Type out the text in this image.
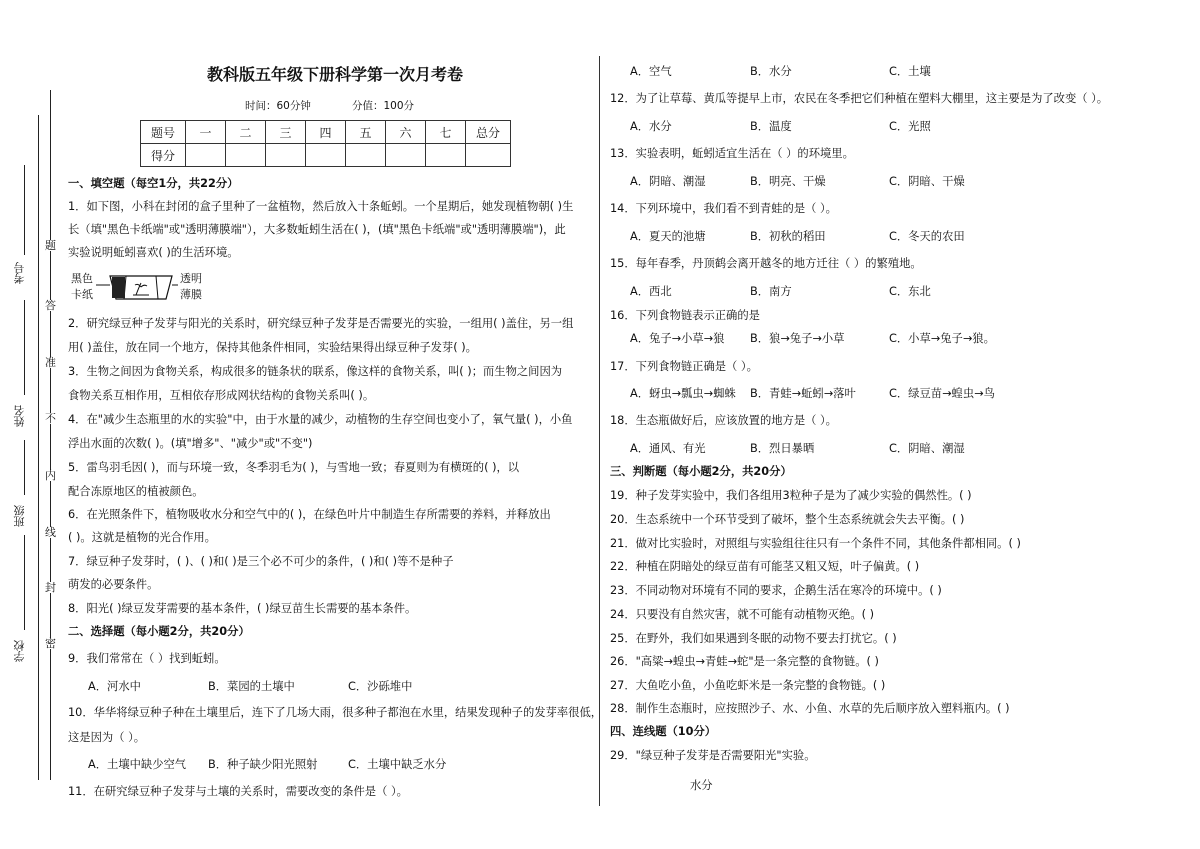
考号
姓名
班级
学校
题
答
准
不
内
线
封
密
教科版五年级下册科学第一次月考卷
时间：60分钟	分值：100分
题号	一	二	三	四	五	六	七	总分
得分								
一、填空题（每空1分，共22分）
1．如下图，小科在封闭的盒子里种了一盆植物，然后放入十条蚯蚓。一个星期后，她发现植物朝( )生
长（填"黑色卡纸端"或"透明薄膜端"），大多数蚯蚓生活在( )，(填"黑色卡纸端"或"透明薄膜端")，此
实验说明蚯蚓喜欢( )的生活环境。
黑色
卡纸
透明
薄膜
2．研究绿豆种子发芽与阳光的关系时，研究绿豆种子发芽是否需要光的实验，一组用( )盖住，另一组
用( )盖住，放在同一个地方，保持其他条件相同，实验结果得出绿豆种子发芽( )。
3．生物之间因为食物关系，构成很多的链条状的联系，像这样的食物关系，叫( )；而生物之间因为
食物关系互相作用，互相依存形成网状结构的食物关系叫( )。
4．在"减少生态瓶里的水的实验"中，由于水量的减少，动植物的生存空间也变小了，氧气量( )，小鱼
浮出水面的次数( )。(填"增多"、"减少"或"不变")
5．雷鸟羽毛因( )，而与环境一致，冬季羽毛为( )，与雪地一致；春夏则为有横斑的( )，以
配合冻原地区的植被颜色。
6．在光照条件下，植物吸收水分和空气中的( )，在绿色叶片中制造生存所需要的养料，并释放出
( )。这就是植物的光合作用。
7．绿豆种子发芽时，( )、( )和( )是三个必不可少的条件，( )和( )等不是种子
萌发的必要条件。
8．阳光( )绿豆发芽需要的基本条件，( )绿豆苗生长需要的基本条件。
二、选择题（每小题2分，共20分）
9．我们常常在（ ）找到蚯蚓。
A．河水中	B．菜园的土壤中	C．沙砾堆中
10．华华将绿豆种子种在土壤里后，连下了几场大雨，很多种子都泡在水里，结果发现种子的发芽率很低，
这是因为（ ）。
A．土壤中缺少空气 B．种子缺少阳光照射	C．土壤中缺乏水分
11．在研究绿豆种子发芽与土壤的关系时，需要改变的条件是（ ）。
A．空气	B．水分	C．土壤
12．为了让草莓、黄瓜等提早上市，农民在冬季把它们种植在塑料大棚里，这主要是为了改变（ ）。
A．水分	B．温度	C．光照
13．实验表明，蚯蚓适宜生活在（ ）的环境里。
A．阴暗、潮湿	B．明亮、干燥	C．阴暗、干燥
14．下列环境中，我们看不到青蛙的是（ ）。
A．夏天的池塘	B．初秋的稻田	C．冬天的农田
15．每年春季，丹顶鹤会离开越冬的地方迁往（ ）的繁殖地。
A．西北	B．南方	C．东北
16．下列食物链表示正确的是
A．兔子→小草→狼 B．狼→兔子→小草	C．小草→兔子→狼。
17．下列食物链正确是（ ）。
A．蚜虫→瓢虫→蜘蛛 B．青蛙→蚯蚓→落叶	C．绿豆苗→蝗虫→鸟
18．生态瓶做好后，应该放置的地方是（ ）。
A．通风、有光	B．烈日暴晒	C．阴暗、潮湿
三、判断题（每小题2分，共20分）
19．种子发芽实验中，我们各组用3粒种子是为了减少实验的偶然性。( )
20．生态系统中一个环节受到了破坏，整个生态系统就会失去平衡。( )
21．做对比实验时，对照组与实验组往往只有一个条件不同，其他条件都相同。( )
22．种植在阴暗处的绿豆苗有可能茎又粗又短，叶子偏黄。( )
23．不同动物对环境有不同的要求，企鹅生活在寒冷的环境中。( )
24．只要没有自然灾害，就不可能有动植物灭绝。( )
25．在野外，我们如果遇到冬眠的动物不要去打扰它。( )
26．"高粱→蝗虫→青蛙→蛇"是一条完整的食物链。( )
27．大鱼吃小鱼，小鱼吃虾米是一条完整的食物链。( )
28．制作生态瓶时，应按照沙子、水、小鱼、水草的先后顺序放入塑料瓶内。( )
四、连线题（10分）
29．"绿豆种子发芽是否需要阳光"实验。
水分
